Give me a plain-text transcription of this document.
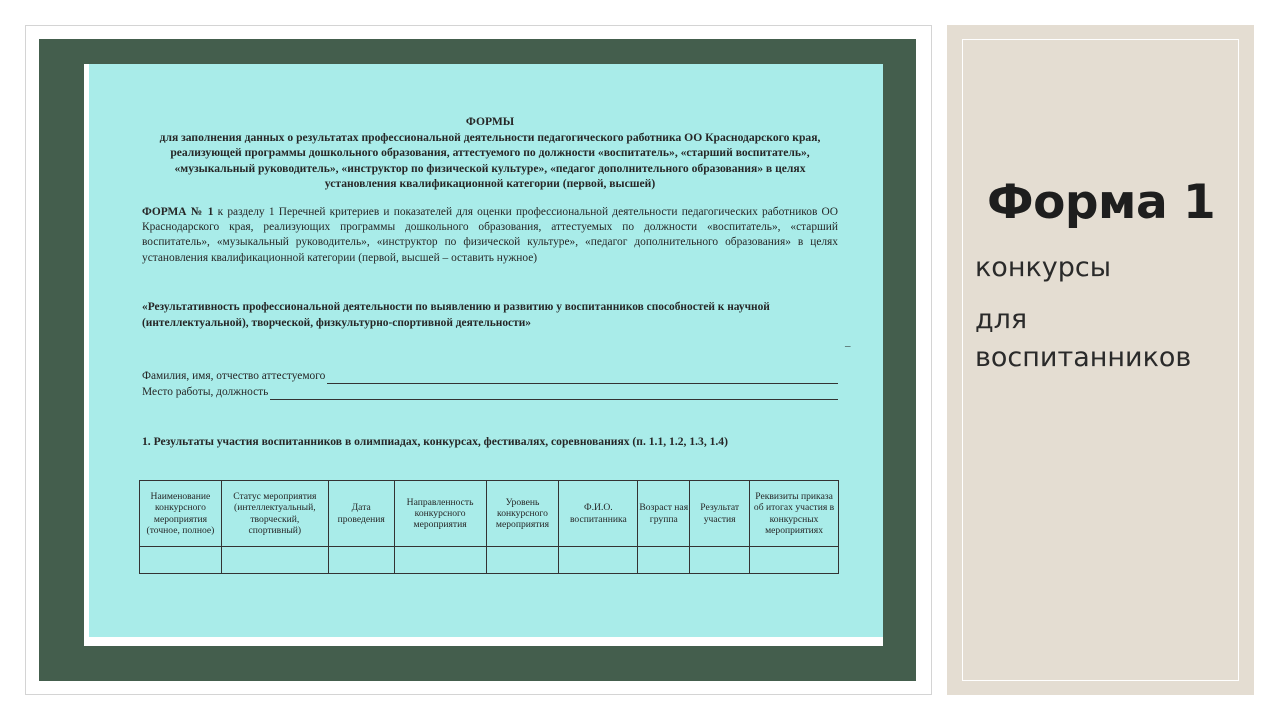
ФОРМЫ
для заполнения данных о результатах профессиональной деятельности педагогического работника ОО Краснодарского края, реализующей программы дошкольного образования, аттестуемого по должности «воспитатель», «старший воспитатель», «музыкальный руководитель», «инструктор по физической культуре», «педагог дополнительного образования» в целях установления квалификационной категории (первой, высшей)
ФОРМА № 1 к разделу 1 Перечней критериев и показателей для оценки профессиональной деятельности педагогических работников ОО Краснодарского края, реализующих программы дошкольного образования, аттестуемых по должности «воспитатель», «старший воспитатель», «музыкальный руководитель», «инструктор по физической культуре», «педагог дополнительного образования» в целях установления квалификационной категории (первой, высшей – оставить нужное)
«Результативность профессиональной деятельности по выявлению и развитию у воспитанников способностей к научной (интеллектуальной), творческой, физкультурно-спортивной деятельности»
Фамилия, имя, отчество аттестуемого
Место работы, должность
1. Результаты участия воспитанников в олимпиадах, конкурсах, фестивалях, соревнованиях (п. 1.1, 1.2, 1.3, 1.4)
–
Наименование конкурсного мероприятия (точное, полное)	Статус мероприятия (интеллектуальный, творческий, спортивный)	Дата проведения	Направленность конкурсного мероприятия	Уровень конкурсного мероприятия	Ф.И.О. воспитанника	Возраст ная группа	Результат участия	Реквизиты приказа об итогах участия в конкурсных мероприятиях

Форма 1
конкурсы
для
воспитанников
